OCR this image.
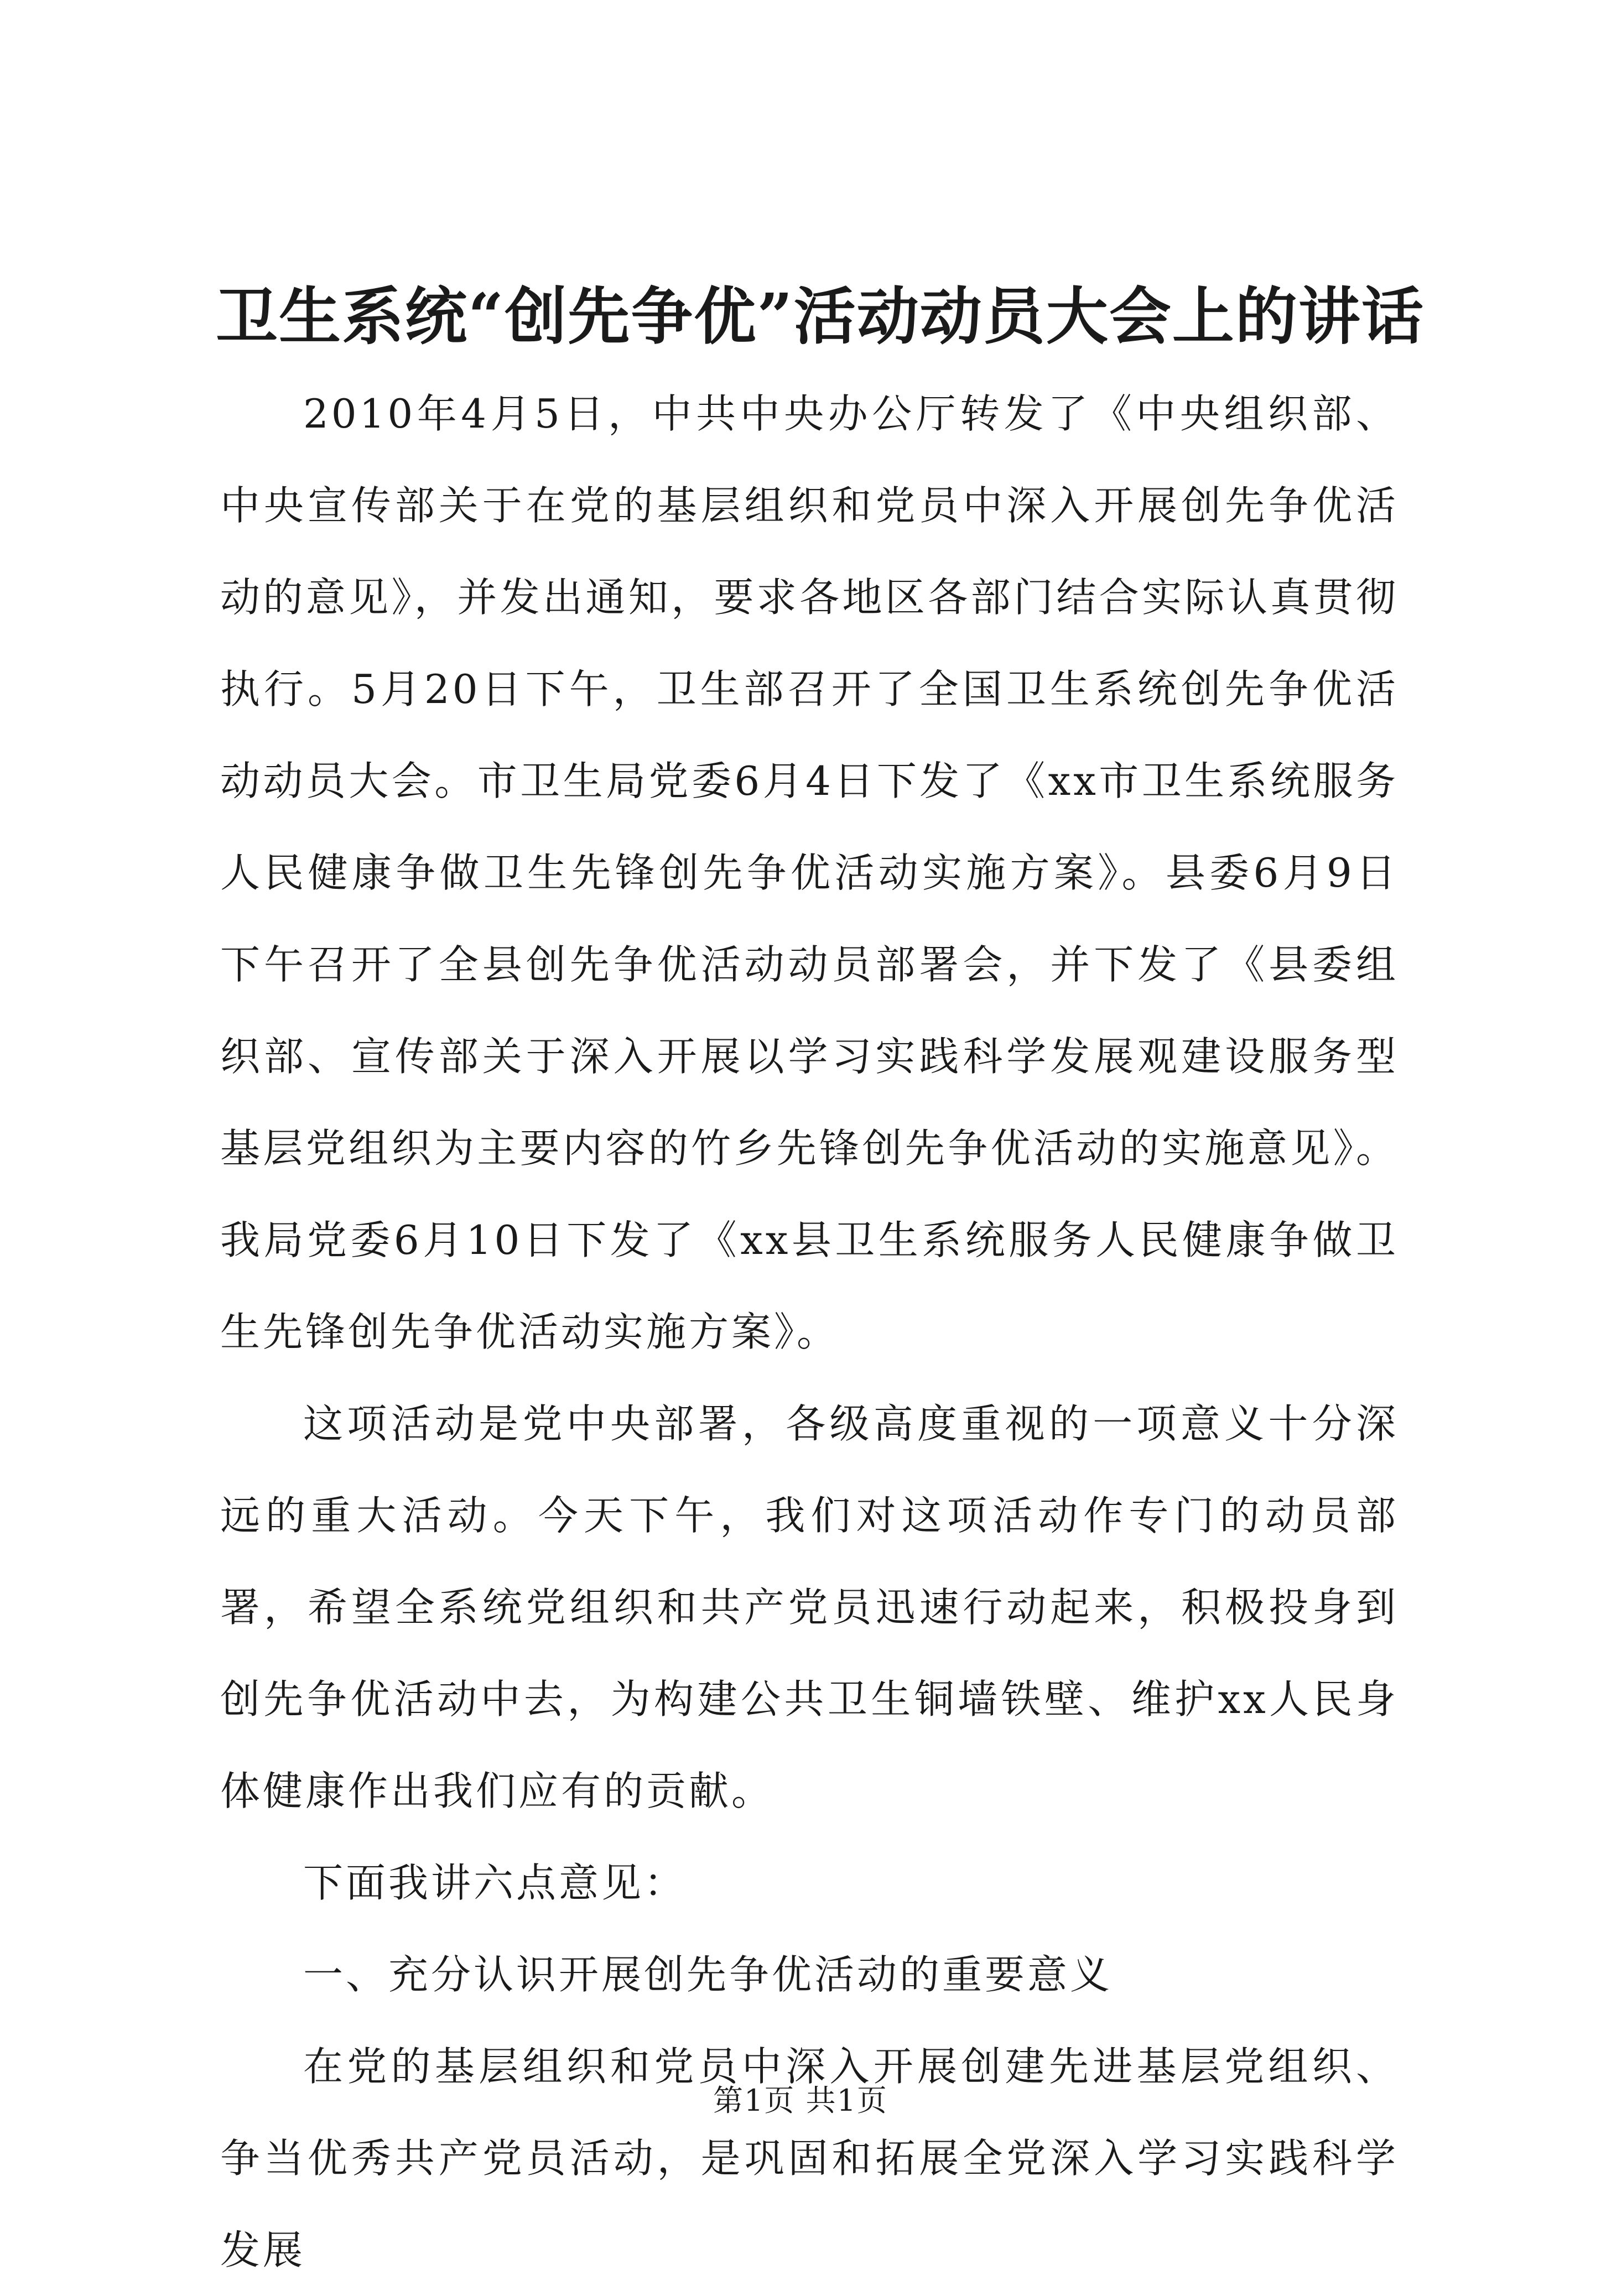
卫生系统“创先争优”活动动员大会上的讲话

2010年4月5日，中共中央办公厅转发了《中央组织部、中央宣传部关于在党的基层组织和党员中深入开展创先争优活动的意见》，并发出通知，要求各地区各部门结合实际认真贯彻执行。5月20日下午，卫生部召开了全国卫生系统创先争优活动动员大会。市卫生局党委6月4日下发了《xx市卫生系统服务人民健康争做卫生先锋创先争优活动实施方案》。县委6月9日下午召开了全县创先争优活动动员部署会，并下发了《县委组织部、宣传部关于深入开展以学习实践科学发展观建设服务型基层党组织为主要内容的竹乡先锋创先争优活动的实施意见》。我局党委6月10日下发了《xx县卫生系统服务人民健康争做卫生先锋创先争优活动实施方案》。

这项活动是党中央部署，各级高度重视的一项意义十分深远的重大活动。今天下午，我们对这项活动作专门的动员部署，希望全系统党组织和共产党员迅速行动起来，积极投身到创先争优活动中去，为构建公共卫生铜墙铁壁、维护xx人民身体健康作出我们应有的贡献。

下面我讲六点意见：

一、充分认识开展创先争优活动的重要意义

在党的基层组织和党员中深入开展创建先进基层党组织、争当优秀共产党员活动，是巩固和拓展全党深入学习实践科学发展

第1页 共1页
